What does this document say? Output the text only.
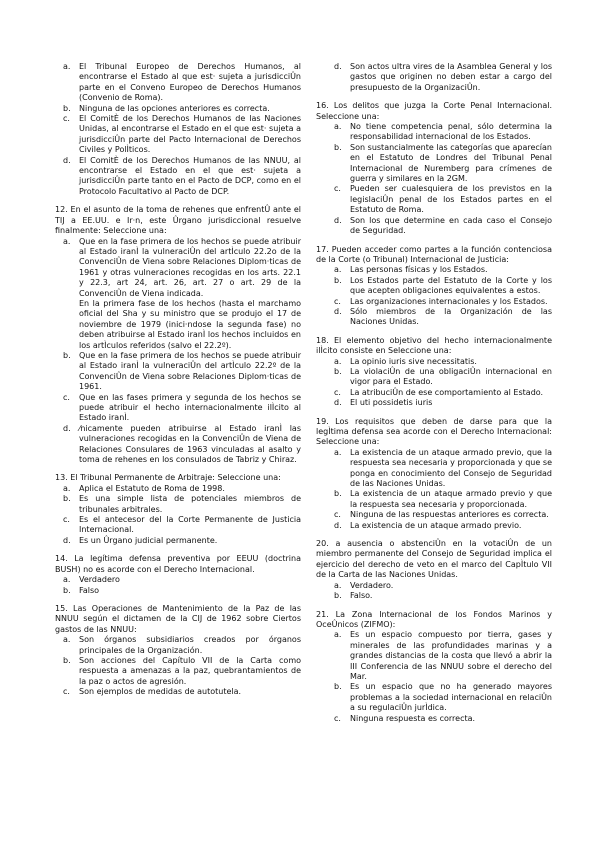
a.	El Tribunal Europeo de Derechos Humanos, al encontrarse el Estado al que est· sujeta a jurisdicciÛn parte en el Conveno Europeo de Derechos Humanos (Convenio de Roma).
b.	Ninguna de las opciones anteriores es correcta.
c.	El ComitÈ de los Derechos Humanos de las Naciones Unidas, al encontrarse el Estado en el que est· sujeta a jurisdicciÛn parte del Pacto Internacional de Derechos Civiles y PolÌticos.
d.	El ComitÈ de los Derechos Humanos de las NNUU, al encontrarse el Estado en el que est· sujeta a jurisdicciÛn parte tanto en el Pacto de DCP, como en el Protocolo Facultativo al Pacto de DCP.
12. En el asunto de la toma de rehenes que enfrentÛ ante el TIJ a EE.UU. e Ir·n, este Ûrgano jurisdiccional resuelve finalmente: Seleccione una:
a.	Que en la fase primera de los hechos se puede atribuir al Estado iranÌ la vulneraciÛn del artÌculo 22.2o de la ConvenciÛn de Viena sobre Relaciones Diplom·ticas de 1961 y otras vulneraciones recogidas en los arts. 22.1 y 22.3, art 24, art. 26, art. 27 o art. 29 de la ConvenciÛn de Viena indicada.
En la primera fase de los hechos (hasta el marchamo oficial del Sha y su ministro que se produjo el 17 de noviembre de 1979 (inici·ndose la segunda fase) no deben atribuirse al Estado iranÌ los hechos incluidos en los artÌculos referidos (salvo el 22.2º).
b.	Que en la fase primera de los hechos se puede atribuir al Estado iranÌ la vulneraciÛn del artÌculo 22.2º de la ConvenciÛn de Viena sobre Relaciones Diplom·ticas de 1961.
c.	Que en las fases primera y segunda de los hechos se puede atribuir el hecho internacionalmente ilÌcito al Estado iranÌ.
d.	⁄nicamente pueden atribuirse al Estado iranÌ las vulneraciones recogidas en la ConvenciÛn de Viena de Relaciones Consulares de 1963 vinculadas al asalto y toma de rehenes en los consulados de Tabriz y Chiraz.
13. El Tribunal Permanente de Arbitraje: Seleccione una:
a.	Aplica el Estatuto de Roma de 1998.
b.	Es una simple lista de potenciales miembros de tribunales arbitrales.
c.	Es el antecesor del la Corte Permanente de Justicia Internacional.
d.	Es un Ûrgano judicial permanente.
14. La legítima defensa preventiva por EEUU (doctrina BUSH) no es acorde con el Derecho Internacional.
a.	Verdadero
b.	Falso
15. Las Operaciones de Mantenimiento de la Paz de las NNUU según el dictamen de la CIJ de 1962 sobre Ciertos gastos de las NNUU:
a.	Son órganos subsidiarios creados por órganos principales de la Organización.
b.	Son acciones del Capítulo VII de la Carta como respuesta a amenazas a la paz, quebrantamientos de la paz o actos de agresión.
c.	Son ejemplos de medidas de autotutela.
d.	Son actos ultra vires de la Asamblea General y los gastos que originen no deben estar a cargo del presupuesto de la OrganizaciÛn.
16. Los delitos que juzga la Corte Penal Internacional. Seleccione una:
a.	No tiene competencia penal, sólo determina la responsabilidad internacional de los Estados.
b.	Son sustancialmente las categorías que aparecían en el Estatuto de Londres del Tribunal Penal Internacional de Nuremberg para crímenes de guerra y similares en la 2GM.
c.	Pueden ser cualesquiera de los previstos en la legislaciÛn penal de los Estados partes en el Estatuto de Roma.
d.	Son los que determine en cada caso el Consejo de Seguridad.
17. Pueden acceder como partes a la función contenciosa de la Corte (o Tribunal) Internacional de Justicia:
a.	Las personas físicas y los Estados.
b.	Los Estados parte del Estatuto de la Corte y los que acepten obligaciones equivalentes a estos.
c.	Las organizaciones internacionales y los Estados.
d.	Sólo miembros de la Organización de las Naciones Unidas.
18. El elemento objetivo del hecho internacionalmente ilÌcito consiste en Seleccione una:
a.	La opinio iuris sive necessitatis.
b.	La violaciÛn de una obligaciÛn internacional en vigor para el Estado.
c.	La atribuciÛn de ese comportamiento al Estado.
d.	El uti possidetis iuris
19. Los requisitos que deben de darse para que la legÌtima defensa sea acorde con el Derecho Internacional: Seleccione una:
a.	La existencia de un ataque armado previo, que la respuesta sea necesaria y proporcionada y que se ponga en conocimiento del Consejo de Seguridad de las Naciones Unidas.
b.	La existencia de un ataque armado previo y que la respuesta sea necesaria y proporcionada.
c.	Ninguna de las respuestas anteriores es correcta.
d.	La existencia de un ataque armado previo.
20. a ausencia o abstenciÛn en la votaciÛn de un miembro permanente del Consejo de Seguridad implica el ejercicio del derecho de veto en el marco del CapÌtulo VII de la Carta de las Naciones Unidas.
a.	Verdadero.
b.	Falso.
21. La Zona Internacional de los Fondos Marinos y OceÛnicos (ZIFMO):
a.	Es un espacio compuesto por tierra, gases y minerales de las profundidades marinas y a grandes distancias de la costa que llevó a abrir la III Conferencia de las NNUU sobre el derecho del Mar.
b.	Es un espacio que no ha generado mayores problemas a la sociedad internacional en relaciÛn a su regulaciÛn jurÌdica.
c.	Ninguna respuesta es correcta.
